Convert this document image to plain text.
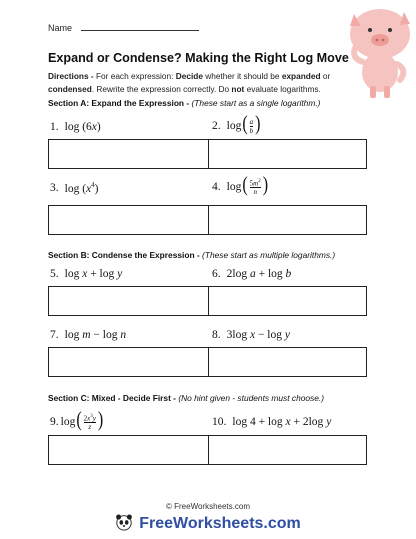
Name
Expand or Condense? Making the Right Log Move
Directions - For each expression: Decide whether it should be expanded or condensed. Rewrite the expression correctly. Do not evaluate logarithms.
Section A: Expand the Expression - (These start as a single logarithm.)
1. log (6x)	2. $\log( \frac{a}{b}$ )
3. $\log (x^4)$	4. $\log( \frac{5m^2}{n}$ )
Section B: Condense the Expression - (These start as multiple logarithms.)
5. log x + log y	6. 2log a + log b
7. log m − log n	8. 3log x − log y
Section C: Mixed - Decide First - (No hint given - students must choose.)
9. $\log( \frac{2x^3y}{z}$ )	10. log 4 + log x + 2log y
© FreeWorksheets.com
FreeWorksheets.com
